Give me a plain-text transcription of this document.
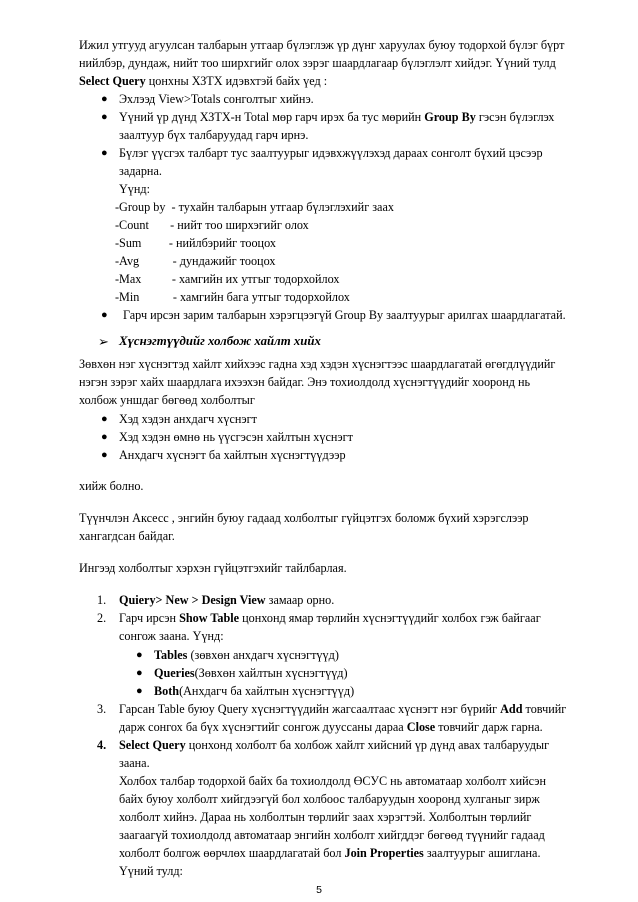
Ижил утгууд агуулсан талбарын утгаар бүлэглэж үр дүнг харуулах буюу тодорхой бүлэг бүрт
нийлбэр, дундаж, нийт тоо ширхгийг олох зэрэг шаардлагаар бүлэглэлт хийдэг. Үүний тулд
Select Query цонхны ХЗТХ идэвхтэй байх үед :
● Эхлээд View>Totals сонголтыг хийнэ.
● Үүний үр дүнд ХЗТХ-н Total мөр гарч ирэх ба тус мөрийн Group By гэсэн бүлэглэх
заалтуур бүх талбаруудад гарч ирнэ.
● Бүлэг үүсгэх талбарт тус заалтуурыг идэвхжүүлэхэд дараах сонголт бүхий цэсээр
задарна.
Үүнд:
-Group by  - тухайн талбарын утгаар бүлэглэхийг заах
-Count       - нийт тоо ширхэгийг олох
-Sum         - нийлбэрийг тооцох
-Avg           - дундажийг тооцох
-Max          - хамгийн их утгыг тодорхойлох
-Min           - хамгийн бага утгыг тодорхойлох
● Гарч ирсэн зарим талбарын хэрэгцээгүй Group By заалтуурыг арилгах шаардлагатай.
➢ Хүснэгтүүдийг холбож хайлт хийх
Зөвхөн нэг хүснэгтэд хайлт хийхээс гадна хэд хэдэн хүснэгтээс шаардлагатай өгөгдлүүдийг
нэгэн зэрэг хайх шаардлага ихээхэн байдаг. Энэ тохиолдолд хүснэгтүүдийг хооронд нь
холбож уншдаг бөгөөд холболтыг
● Хэд хэдэн анхдагч хүснэгт
● Хэд хэдэн өмнө нь үүсгэсэн хайлтын хүснэгт
● Анхдагч хүснэгт ба хайлтын хүснэгтүүдээр
хийж болно.
Түүнчлэн Аксесс , энгийн буюу гадаад холболтыг гүйцэтгэх боломж бүхий хэрэгслээр
хангагдсан байдаг.
Ингээд холболтыг хэрхэн гүйцэтгэхийг тайлбарлая.
1. Quiery> New > Design View замаар орно.
2. Гарч ирсэн Show Table цонхонд ямар төрлийн хүснэгтүүдийг холбох гэж байгааг
сонгож заана. Үүнд:
● Tables (зөвхөн анхдагч хүснэгтүүд)
● Queries(Зөвхөн хайлтын хүснэгтүүд)
● Both(Анхдагч ба хайлтын хүснэгтүүд)
3. Гарсан Table буюу Query хүснэгтүүдийн жагсаалтаас хүснэгт нэг бүрийг Add товчийг
дарж сонгох ба бүх хүснэгтийг сонгож дууссаны дараа Close товчийг дарж гарна.
4. Select Query цонхонд холболт ба холбож хайлт хийсний үр дүнд авах талбаруудыг
заана.
Холбох талбар тодорхой байх ба тохиолдолд ӨСУС нь автоматаар холболт хийсэн
байх буюу холболт хийгдээгүй бол холбоос талбаруудын хооронд хулганыг зирж
холболт хийнэ. Дараа нь холболтын төрлийг заах хэрэгтэй. Холболтын төрлийг
заагаагүй тохиолдолд автоматаар энгийн холболт хийгддэг бөгөөд түүнийг гадаад
холболт болгож өөрчлөх шаардлагатай бол Join Properties заалтуурыг ашиглана.
Үүний тулд:
5
